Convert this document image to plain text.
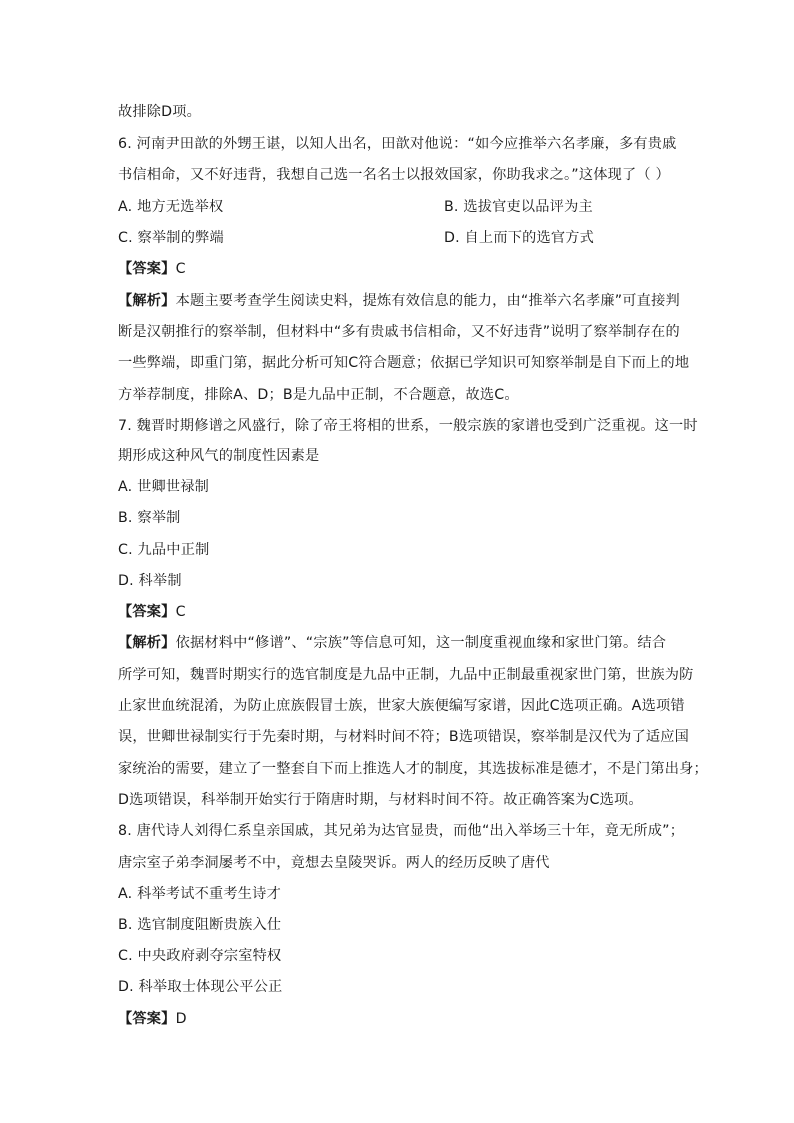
故排除D项。
6. 河南尹田歆的外甥王谌，以知人出名，田歆对他说：“如今应推举六名孝廉，多有贵戚
书信相命，又不好违背，我想自己选一名名士以报效国家，你助我求之。”这体现了（ ）
A. 地方无选举权	B. 选拔官吏以品评为主
C. 察举制的弊端	D. 自上而下的选官方式
【答案】C
【解析】本题主要考查学生阅读史料，提炼有效信息的能力，由“推举六名孝廉”可直接判
断是汉朝推行的察举制，但材料中“多有贵戚书信相命，又不好违背”说明了察举制存在的
一些弊端，即重门第，据此分析可知C符合题意；依据已学知识可知察举制是自下而上的地
方举荐制度，排除A、D；B是九品中正制，不合题意，故选C。
7. 魏晋时期修谱之风盛行，除了帝王将相的世系，一般宗族的家谱也受到广泛重视。这一时
期形成这种风气的制度性因素是
A. 世卿世禄制
B. 察举制
C. 九品中正制
D. 科举制
【答案】C
【解析】依据材料中“修谱”、“宗族”等信息可知，这一制度重视血缘和家世门第。结合
所学可知，魏晋时期实行的选官制度是九品中正制，九品中正制最重视家世门第，世族为防
止家世血统混淆，为防止庶族假冒士族，世家大族便编写家谱，因此C选项正确。A选项错
误，世卿世禄制实行于先秦时期，与材料时间不符；B选项错误，察举制是汉代为了适应国
家统治的需要，建立了一整套自下而上推选人才的制度，其选拔标准是德才，不是门第出身；
D选项错误，科举制开始实行于隋唐时期，与材料时间不符。故正确答案为C选项。
8. 唐代诗人刘得仁系皇亲国戚，其兄弟为达官显贵，而他“出入举场三十年，竟无所成”；
唐宗室子弟李洞屡考不中，竟想去皇陵哭诉。两人的经历反映了唐代
A. 科举考试不重考生诗才
B. 选官制度阻断贵族入仕
C. 中央政府剥夺宗室特权
D. 科举取士体现公平公正
【答案】D
